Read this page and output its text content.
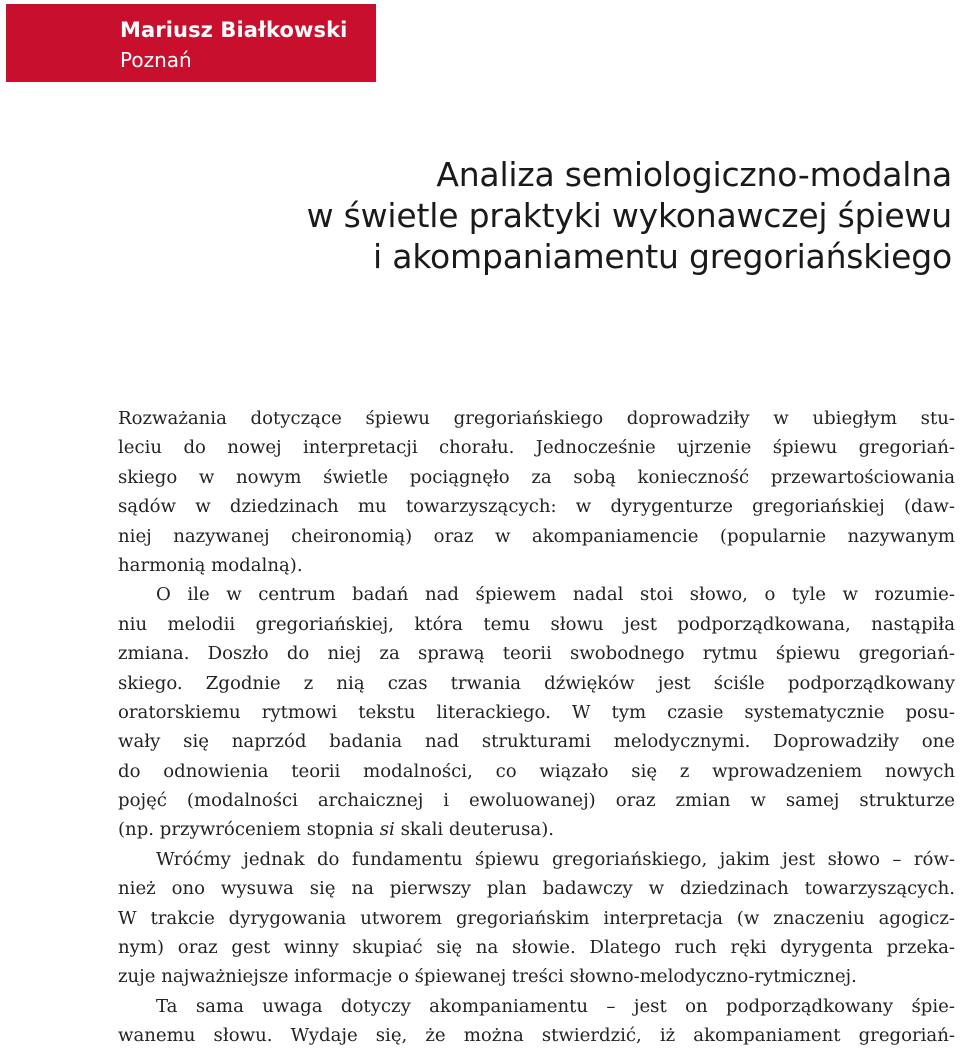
Mariusz Białkowski
Poznań
Analiza semiologiczno-modalna
w świetle praktyki wykonawczej śpiewu
i akompaniamentu gregoriańskiego
Rozważania dotyczące śpiewu gregoriańskiego doprowadziły w ubiegłym stu-
leciu do nowej interpretacji chorału. Jednocześnie ujrzenie śpiewu gregoriań-
skiego w nowym świetle pociągnęło za sobą konieczność przewartościowania
sądów w dziedzinach mu towarzyszących: w dyrygenturze gregoriańskiej (daw-
niej nazywanej cheironomią) oraz w akompaniamencie (popularnie nazywanym
harmonią modalną).
O ile w centrum badań nad śpiewem nadal stoi słowo, o tyle w rozumie-
niu melodii gregoriańskiej, która temu słowu jest podporządkowana, nastąpiła
zmiana. Doszło do niej za sprawą teorii swobodnego rytmu śpiewu gregoriań-
skiego. Zgodnie z nią czas trwania dźwięków jest ściśle podporządkowany
oratorskiemu rytmowi tekstu literackiego. W tym czasie systematycznie posu-
wały się naprzód badania nad strukturami melodycznymi. Doprowadziły one
do odnowienia teorii modalności, co wiązało się z wprowadzeniem nowych
pojęć (modalności archaicznej i ewoluowanej) oraz zmian w samej strukturze
(np. przywróceniem stopnia si skali deuterusa).
Wróćmy jednak do fundamentu śpiewu gregoriańskiego, jakim jest słowo – rów-
nież ono wysuwa się na pierwszy plan badawczy w dziedzinach towarzyszących.
W trakcie dyrygowania utworem gregoriańskim interpretacja (w znaczeniu agogicz-
nym) oraz gest winny skupiać się na słowie. Dlatego ruch ręki dyrygenta przeka-
zuje najważniejsze informacje o śpiewanej treści słowno-melodyczno-rytmicznej.
Ta sama uwaga dotyczy akompaniamentu – jest on podporządkowany śpie-
wanemu słowu. Wydaje się, że można stwierdzić, iż akompaniament gregoriań-
